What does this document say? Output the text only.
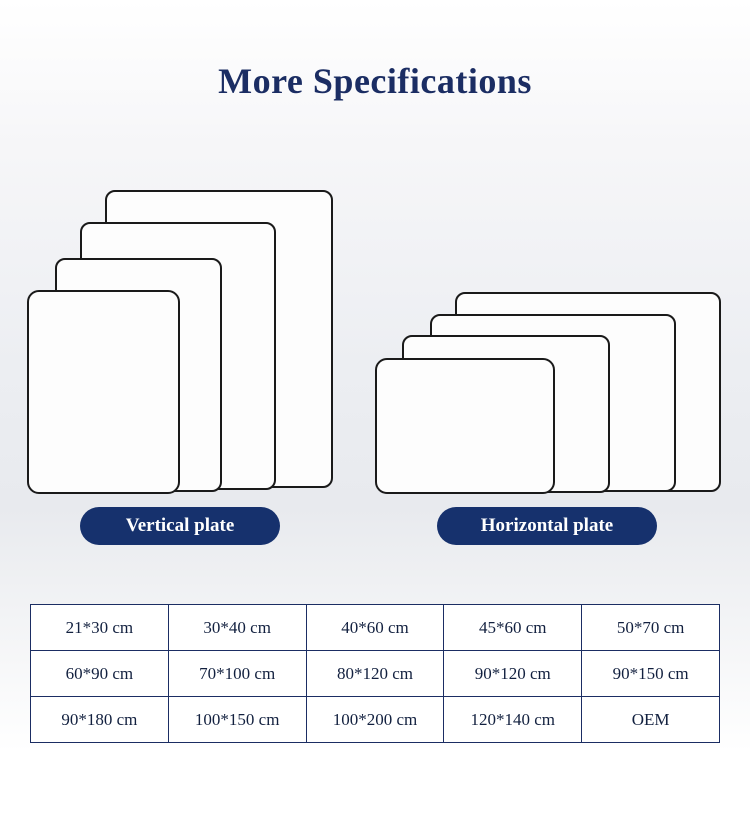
More Specifications
Vertical plate	Horizontal plate
21*30 cm	30*40 cm	40*60 cm	45*60 cm	50*70 cm
60*90 cm	70*100 cm	80*120 cm	90*120 cm	90*150 cm
90*180 cm	100*150 cm	100*200 cm	120*140 cm	OEM
